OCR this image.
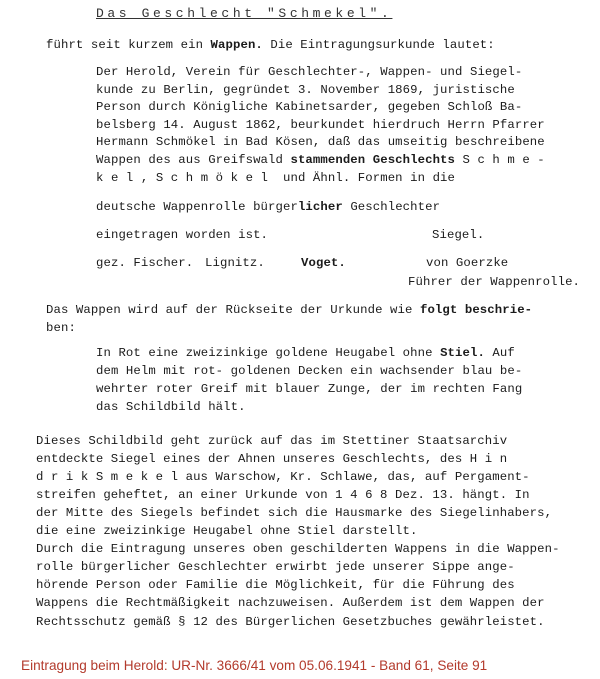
Das Geschlecht "Schmekel".
führt seit kurzem ein Wappen. Die Eintragungsurkunde lautet:
Der Herold, Verein für Geschlechter-, Wappen- und Siegel-
kunde zu Berlin, gegründet 3. November 1869, juristische
Person durch Königliche Kabinetsarder, gegeben Schloß Ba-
belsberg 14. August 1862, beurkundet hierdruch Herrn Pfarrer
Hermann Schmökel in Bad Kösen, daß das umseitig beschreibene
Wappen des aus Greifswald stammenden Geschlechts S c h m e -
k e l , S c h m ö k e l  und Ähnl. Formen in die
deutsche Wappenrolle bürgerlicher Geschlechter
eingetragen worden ist.	Siegel.
gez. Fischer. Lignitz.	Voget.	von Goerzke
Führer der Wappenrolle.
Das Wappen wird auf der Rückseite der Urkunde wie folgt beschrie-
ben:
In Rot eine zweizinkige goldene Heugabel ohne Stiel. Auf
dem Helm mit rot- goldenen Decken ein wachsender blau be-
wehrter roter Greif mit blauer Zunge, der im rechten Fang
das Schildbild hält.
Dieses Schildbild geht zurück auf das im Stettiner Staatsarchiv
entdeckte Siegel eines der Ahnen unseres Geschlechts, des H i n
d r i k S m e k e l aus Warschow, Kr. Schlawe, das, auf Pergament-
streifen geheftet, an einer Urkunde von 1 4 6 8 Dez. 13. hängt. In
der Mitte des Siegels befindet sich die Hausmarke des Siegelinhabers,
die eine zweizinkige Heugabel ohne Stiel darstellt.
Durch die Eintragung unseres oben geschilderten Wappens in die Wappen-
rolle bürgerlicher Geschlechter erwirbt jede unserer Sippe ange-
hörende Person oder Familie die Möglichkeit, für die Führung des
Wappens die Rechtmäßigkeit nachzuweisen. Außerdem ist dem Wappen der
Rechtsschutz gemäß § 12 des Bürgerlichen Gesetzbuches gewährleistet.
Eintragung beim Herold: UR-Nr. 3666/41 vom 05.06.1941 - Band 61, Seite 91
